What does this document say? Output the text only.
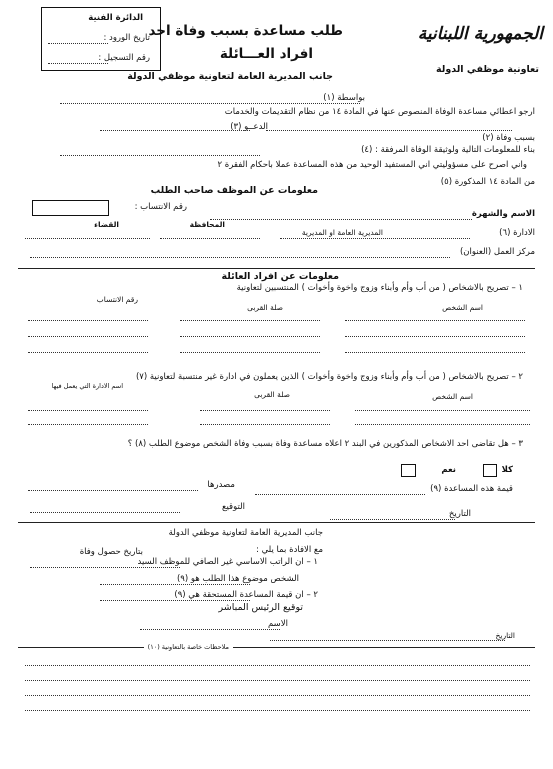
الجمهورية اللبنانية
تعاونية موظفي الدولة
طلب مساعدة بسبب وفاة احد
افراد العـــائلة
جانب المديرية العامة لتعاونية موظفي الدولة
الدائرة الفنية
تاريخ الورود :
رقم التسجيل :
بواسطة (١)
ارجو اعطائي مساعدة الوفاة المنصوص عنها في المادة ١٤ من نظام التقديمات والخدمات
الدعــو (٣)
بسبب وفاة (٢)
بناء للمعلومات التالية ولوثيقة الوفاة المرفقة : (٤)
واني اصرح على مسؤوليتي اني المستفيد الوحيد من هذه المساعدة عملا باحكام الفقرة ٢
من المادة ١٤ المذكورة (٥)
معلومات عن الموظف صاحب الطلب
رقم الانتساب :
الاسم والشهرة
القضاء	المحافظة
الادارة (٦)
المديرية العامة او المديرية
مركز العمل (العنوان)
معلومات عن افراد العائلة
١ – تصريح بالاشخاص ( من أب وأم وأبناء وزوج واخوة وأخوات ) المنتسبين لتعاونية
رقم الانتساب
صلة القربى	اسم الشخص
٢ – تصريح بالاشخاص ( من أب وأم وأبناء وزوج واخوة وأخوات ) الذين يعملون في ادارة غير منتسبة لتعاونية (٧)
اسم الادارة التي يعمل فيها
صلة القربى	اسم الشخص
٣ – هل تقاضى احد الاشخاص المذكورين في البند ٢ اعلاه مساعدة وفاة بسبب وفاة الشخص موضوع الطلب (٨) ؟
كلا
نعم
مصدرها	قيمة هذه المساعدة (٩)
التوقيع
التاريخ
جانب المديرية العامة لتعاونية موظفي الدولة
بتاريخ حصول وفاة	مع الافادة بما يلي :
١ – ان الراتب الاساسي غير الصافي للموظف السيد
الشخص موضوع هذا الطلب هو (٩)
٢ – ان قيمة المساعدة المستحقة هي (٩)
توقيع الرئيس المباشر
الاسم
التاريخ
ملاحظات خاصة بالتعاونية (١٠)
